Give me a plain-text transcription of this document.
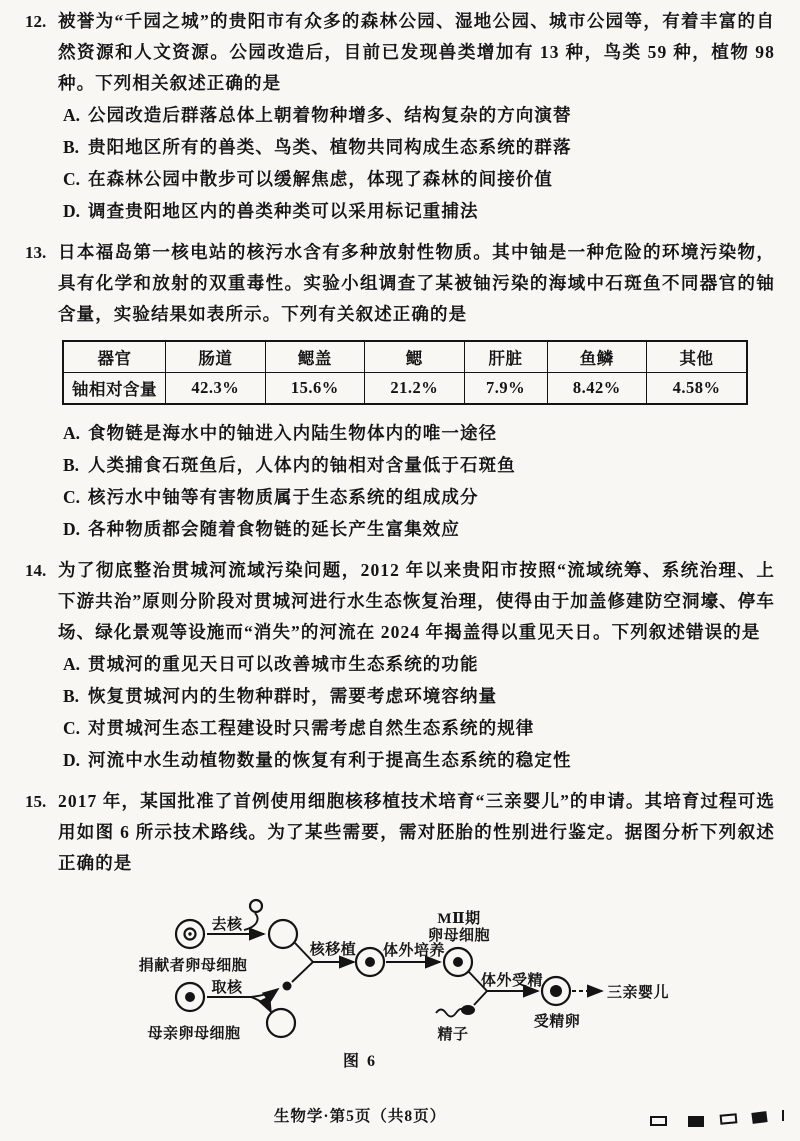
12. 被誉为“千园之城”的贵阳市有众多的森林公园、湿地公园、城市公园等，有着丰富的自然资源和人文资源。公园改造后，目前已发现兽类增加有 13 种，鸟类 59 种，植物 98 种。下列相关叙述正确的是
A. 公园改造后群落总体上朝着物种增多、结构复杂的方向演替
B. 贵阳地区所有的兽类、鸟类、植物共同构成生态系统的群落
C. 在森林公园中散步可以缓解焦虑，体现了森林的间接价值
D. 调查贵阳地区内的兽类种类可以采用标记重捕法
13. 日本福岛第一核电站的核污水含有多种放射性物质。其中铀是一种危险的环境污染物，具有化学和放射的双重毒性。实验小组调查了某被铀污染的海域中石斑鱼不同器官的铀含量，实验结果如表所示。下列有关叙述正确的是
器官	肠道	鳃盖	鳃	肝脏	鱼鳞	其他
铀相对含量	42.3%	15.6%	21.2%	7.9%	8.42%	4.58%
A. 食物链是海水中的铀进入内陆生物体内的唯一途径
B. 人类捕食石斑鱼后，人体内的铀相对含量低于石斑鱼
C. 核污水中铀等有害物质属于生态系统的组成成分
D. 各种物质都会随着食物链的延长产生富集效应
14. 为了彻底整治贯城河流域污染问题，2012 年以来贵阳市按照“流域统筹、系统治理、上下游共治”原则分阶段对贯城河进行水生态恢复治理，使得由于加盖修建防空洞壕、停车场、绿化景观等设施而“消失”的河流在 2024 年揭盖得以重见天日。下列叙述错误的是
A. 贯城河的重见天日可以改善城市生态系统的功能
B. 恢复贯城河内的生物种群时，需要考虑环境容纳量
C. 对贯城河生态工程建设时只需考虑自然生态系统的规律
D. 河流中水生动植物数量的恢复有利于提高生态系统的稳定性
15. 2017 年，某国批准了首例使用细胞核移植技术培育“三亲婴儿”的申请。其培育过程可选用如图 6 所示技术路线。为了某些需要，需对胚胎的性别进行鉴定。据图分析下列叙述正确的是
去核
捐献者卵母细胞
取核
母亲卵母细胞
核移植 体外培养
MⅡ期
卵母细胞
体外受精
精子
三亲婴儿
受精卵
图 6
生物学·第5页（共8页）
